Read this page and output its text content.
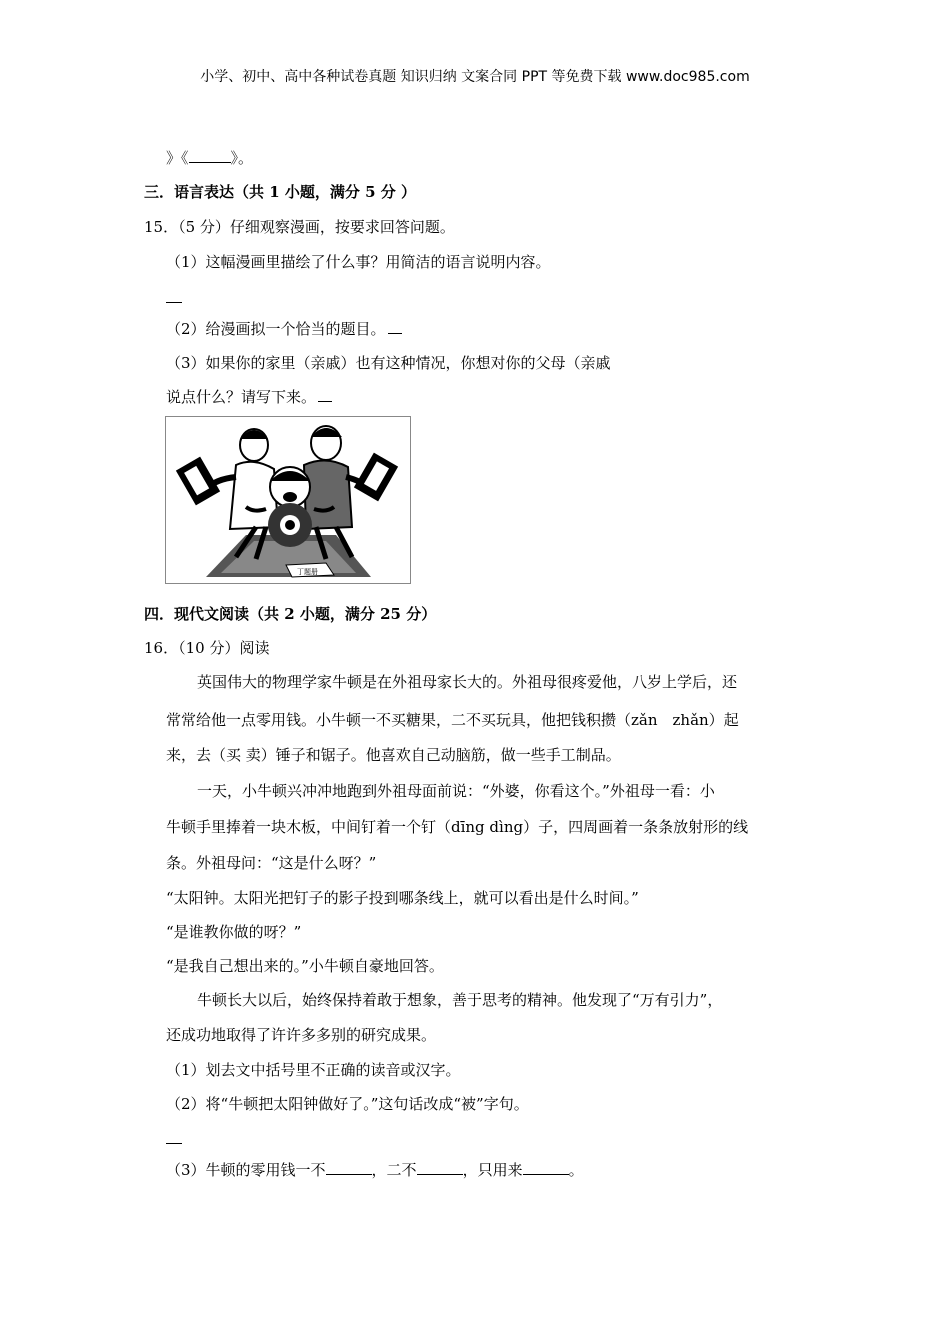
小学、初中、高中各种试卷真题 知识归纳 文案合同 PPT 等免费下载 www.doc985.com
》《	》。
三．语言表达（共 1 小题，满分 5 分 ）
15．（5 分）仔细观察漫画，按要求回答问题。
（1）这幅漫画里描绘了什么事？用简洁的语言说明内容。
（2）给漫画拟一个恰当的题目。
（3）如果你的家里（亲戚）也有这种情况，你想对你的父母（亲戚
说点什么？请写下来。
丁题册
四．现代文阅读（共 2 小题，满分 25 分）
16．（10 分）阅读
英国伟大的物理学家牛顿是在外祖母家长大的。外祖母很疼爱他，八岁上学后，还
常常给他一点零用钱。小牛顿一不买糖果，二不买玩具，他把钱积攒（zǎn　zhǎn）起
来，去（买 卖）锤子和锯子。他喜欢自己动脑筋，做一些手工制品。
一天，小牛顿兴冲冲地跑到外祖母面前说：“外婆，你看这个。”外祖母一看：小
牛顿手里捧着一块木板，中间钉着一个钉（dīng dìng）子，四周画着一条条放射形的线
条。外祖母问：“这是什么呀？”
“太阳钟。太阳光把钉子的影子投到哪条线上，就可以看出是什么时间。”
“是谁教你做的呀？”
“是我自己想出来的。”小牛顿自豪地回答。
牛顿长大以后，始终保持着敢于想象，善于思考的精神。他发现了“万有引力”，
还成功地取得了许许多多别的研究成果。
（1）划去文中括号里不正确的读音或汉字。
（2）将“牛顿把太阳钟做好了。”这句话改成“被”字句。
（3）牛顿的零用钱一不	，二不	，只用来	。
